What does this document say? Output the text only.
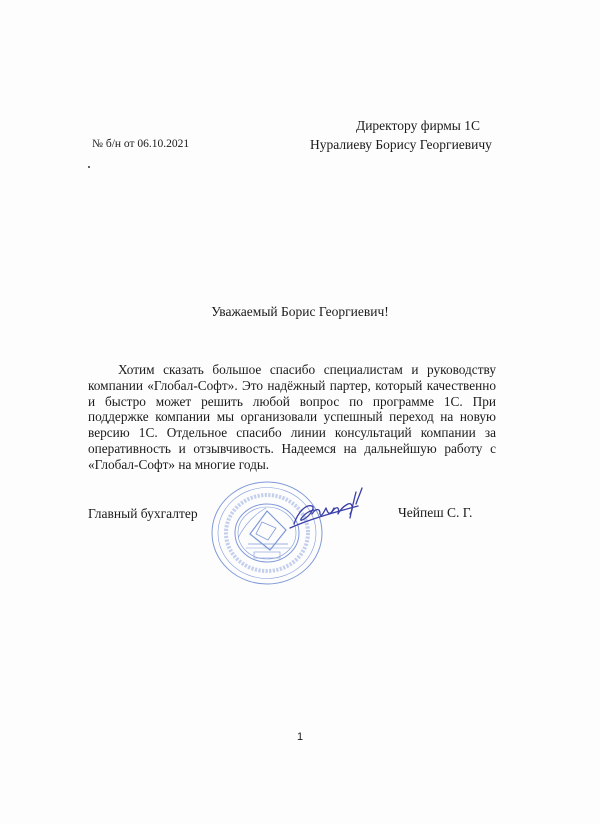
Директору фирмы 1С
№ б/н от 06.10.2021	Нуралиеву Борису Георгиевичу
Уважаемый Борис Георгиевич!

Хотим сказать большое спасибо специалистам и руководству компании «Глобал-Софт». Это надёжный партер, который качественно и быстро может решить любой вопрос по программе 1С. При поддержке компании мы организовали успешный переход на новую версию 1С. Отдельное спасибо линии консультаций компании за оперативность и отзывчивость. Надеемся на дальнейшую работу с «Глобал-Софт» на многие годы.

Главный бухгалтер	Чейпеш С. Г.
1
